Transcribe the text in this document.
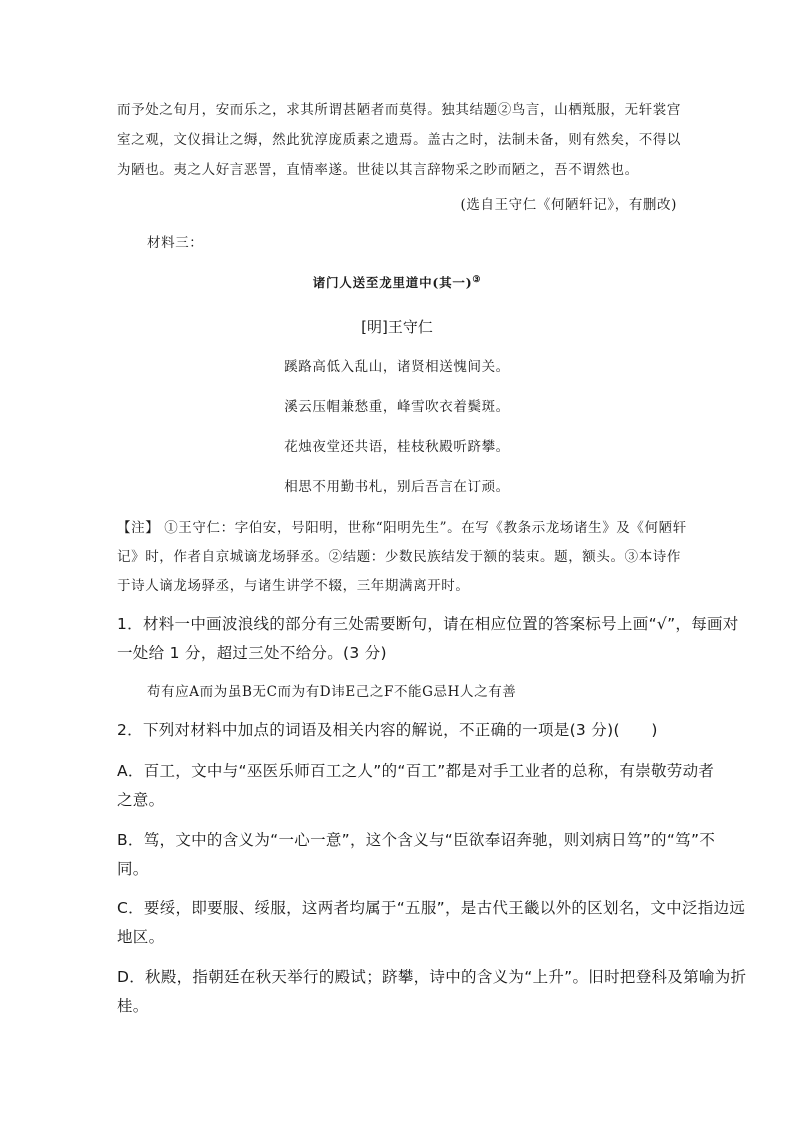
而予处之旬月，安而乐之，求其所谓甚陋者而莫得。独其结题②鸟言，山栖羝服，无轩裳宫
室之观，文仪揖让之缛，然此犹淳庞质素之遗焉。盖古之时，法制未备，则有然矣，不得以
为陋也。夷之人好言恶詈，直情率遂。世徒以其言辞物采之眇而陋之，吾不谓然也。
(选自王守仁《何陋轩记》，有删改)
材料三：
诸门人送至龙里道中(其一)③
[明]王守仁
蹊路高低入乱山，诸贤相送愧间关。
溪云压帽兼愁重，峰雪吹衣着鬓斑。
花烛夜堂还共语，桂枝秋殿听跻攀。
相思不用勤书札，别后吾言在订顽。
【注】 ①王守仁：字伯安，号阳明，世称“阳明先生”。在写《教条示龙场诸生》及《何陋轩
记》时，作者自京城谪龙场驿丞。②结题：少数民族结发于额的装束。题，额头。③本诗作
于诗人谪龙场驿丞，与诸生讲学不辍，三年期满离开时。
1．材料一中画波浪线的部分有三处需要断句，请在相应位置的答案标号上画“√”，每画对
一处给 1 分，超过三处不给分。(3 分)
苟有应A而为虽B无C而为有D讳E己之F不能G忌H人之有善
2．下列对材料中加点的词语及相关内容的解说，不正确的一项是(3 分)(　　)
A．百工，文中与“巫医乐师百工之人”的“百工”都是对手工业者的总称，有崇敬劳动者
之意。
B．笃，文中的含义为“一心一意”，这个含义与“臣欲奉诏奔驰，则刘病日笃”的“笃”不
同。
C．要绥，即要服、绥服，这两者均属于“五服”，是古代王畿以外的区划名，文中泛指边远
地区。
D．秋殿，指朝廷在秋天举行的殿试；跻攀，诗中的含义为“上升”。旧时把登科及第喻为折
桂。
